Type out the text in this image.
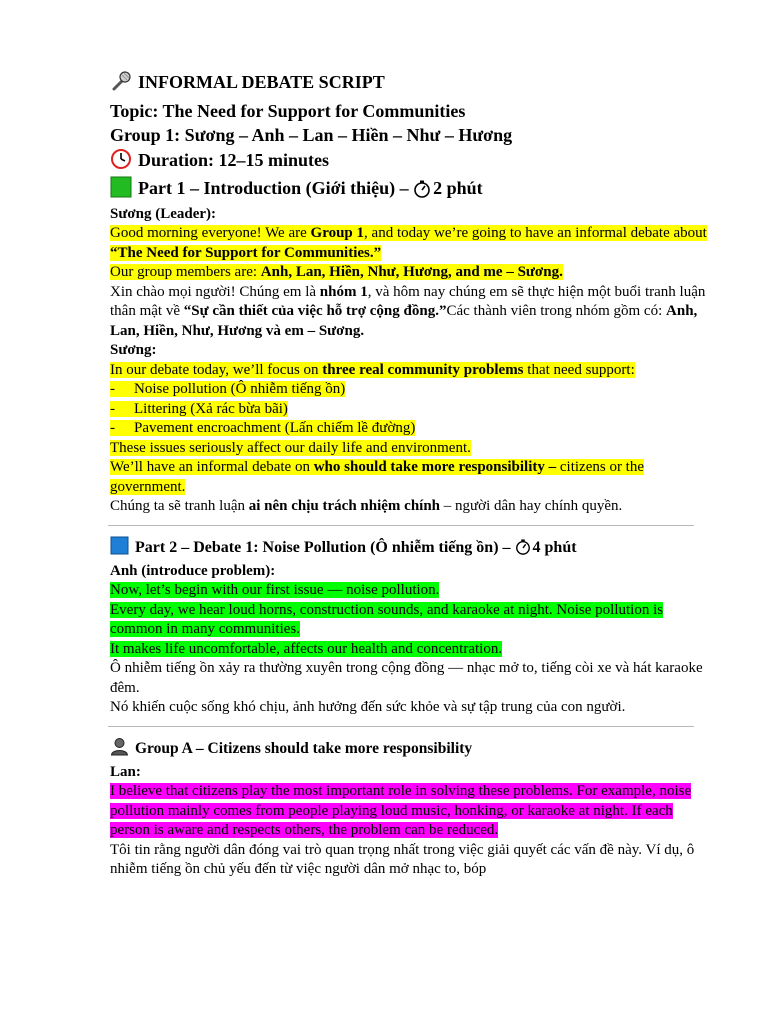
INFORMAL DEBATE SCRIPT
Topic: The Need for Support for Communities
Group 1: Sương – Anh – Lan – Hiền – Như – Hương
Duration: 12–15 minutes
Part 1 – Introduction (Giới thiệu) – 2 phút

Sương (Leader):

Good morning everyone! We are Group 1, and today we’re going to have an informal debate about “The Need for Support for Communities.”

Our group members are: Anh, Lan, Hiền, Như, Hương, and me – Sương.

Xin chào mọi người! Chúng em là nhóm 1, và hôm nay chúng em sẽ thực hiện một buổi tranh luận thân mật về “Sự cần thiết của việc hỗ trợ cộng đồng.”Các thành viên trong nhóm gồm có: Anh, Lan, Hiền, Như, Hương và em – Sương.

Sương:

In our debate today, we’ll focus on three real community problems that need support:

- Noise pollution (Ô nhiễm tiếng ồn)

- Littering (Xả rác bừa bãi)

- Pavement encroachment (Lấn chiếm lề đường)

These issues seriously affect our daily life and environment.

We’ll have an informal debate on who should take more responsibility – citizens or the government.

Chúng ta sẽ tranh luận ai nên chịu trách nhiệm chính – người dân hay chính quyền.

Part 2 – Debate 1: Noise Pollution (Ô nhiễm tiếng ồn) – 4 phút

Anh (introduce problem):

Now, let’s begin with our first issue — noise pollution.

Every day, we hear loud horns, construction sounds, and karaoke at night. Noise pollution is common in many communities.

It makes life uncomfortable, affects our health and concentration.

Ô nhiễm tiếng ồn xảy ra thường xuyên trong cộng đồng — nhạc mở to, tiếng còi xe và hát karaoke đêm.

Nó khiến cuộc sống khó chịu, ảnh hưởng đến sức khỏe và sự tập trung của con người.

Group A – Citizens should take more responsibility

Lan:

I believe that citizens play the most important role in solving these problems. For example, noise pollution mainly comes from people playing loud music, honking, or karaoke at night. If each person is aware and respects others, the problem can be reduced.

Tôi tin rằng người dân đóng vai trò quan trọng nhất trong việc giải quyết các vấn đề này. Ví dụ, ô nhiễm tiếng ồn chủ yếu đến từ việc người dân mở nhạc to, bóp
